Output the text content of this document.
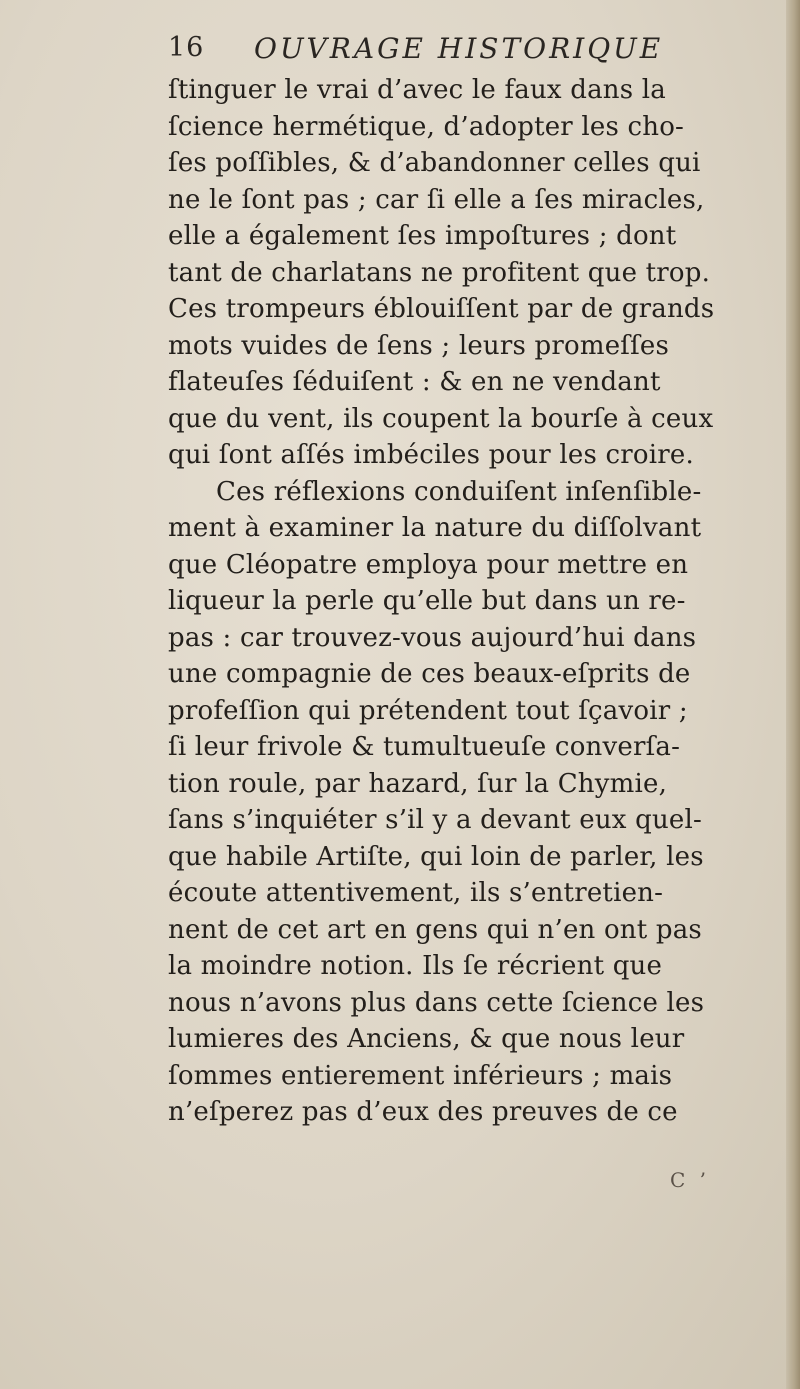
16 OUVRAGE HISTORIQUE
ſtinguer le vrai d’avec le faux dans la
ſcience hermétique, d’adopter les cho-
ſes poſſibles, & d’abandonner celles qui
ne le ſont pas ; car ſi elle a ſes miracles,
elle a également ſes impoſtures ; dont
tant de charlatans ne profitent que trop.
Ces trompeurs éblouiſſent par de grands
mots vuides de ſens ; leurs promeſſes
flateuſes ſéduiſent : & en ne vendant
que du vent, ils coupent la bourſe à ceux
qui ſont aſſés imbéciles pour les croire.
Ces réflexions conduiſent inſenſible-
ment à examiner la nature du diſſolvant
que Cléopatre employa pour mettre en
liqueur la perle qu’elle but dans un re-
pas : car trouvez-vous aujourd’hui dans
une compagnie de ces beaux-eſprits de
profeſſion qui prétendent tout ſçavoir ;
ſi leur frivole & tumultueuſe converſa-
tion roule, par hazard, ſur la Chymie,
ſans s’inquiéter s’il y a devant eux quel-
que habile Artiſte, qui loin de parler, les
écoute attentivement, ils s’entretien-
nent de cet art en gens qui n’en ont pas
la moindre notion. Ils ſe récrient que
nous n’avons plus dans cette ſcience les
lumieres des Anciens, & que nous leur
ſommes entierement inférieurs ; mais
n’eſperez pas d’eux des preuves de ce
C ’
